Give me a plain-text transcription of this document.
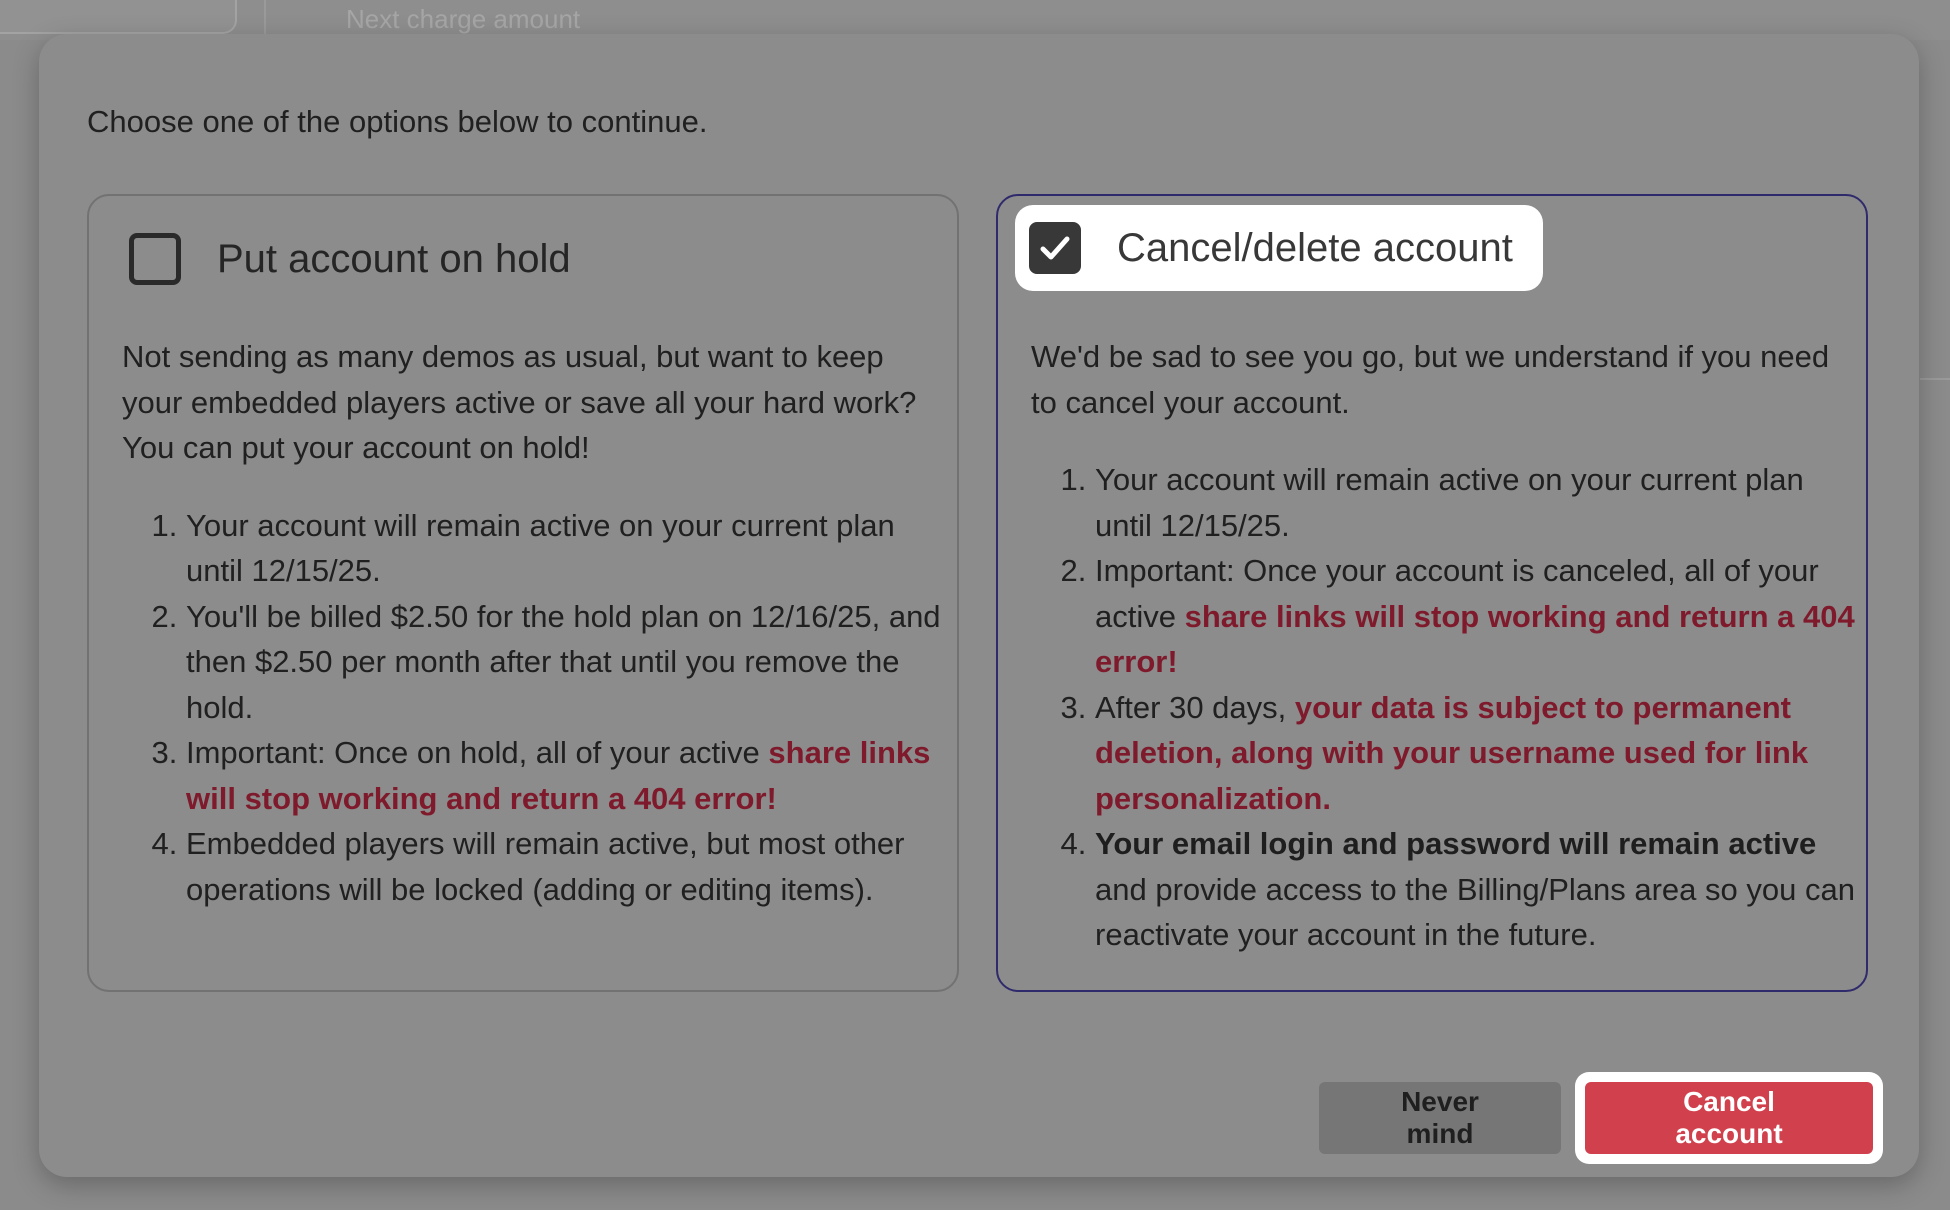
Next charge amount
Choose one of the options below to continue.
Put account on hold

Not sending as many demos as usual, but want to keep your embedded players active or save all your hard work? You can put your account on hold!

1. Your account will remain active on your current plan until 12/15/25.
2. You'll be billed $2.50 for the hold plan on 12/16/25, and then $2.50 per month after that until you remove the hold.
3. Important: Once on hold, all of your active share links will stop working and return a 404 error!
4. Embedded players will remain active, but most other operations will be locked (adding or editing items).
Cancel/delete account

We'd be sad to see you go, but we understand if you need to cancel your account.

1. Your account will remain active on your current plan until 12/15/25.
2. Important: Once your account is canceled, all of your active share links will stop working and return a 404 error!
3. After 30 days, your data is subject to permanent deletion, along with your username used for link personalization.
4. Your email login and password will remain active and provide access to the Billing/Plans area so you can reactivate your account in the future.
Never mind
Cancel account
